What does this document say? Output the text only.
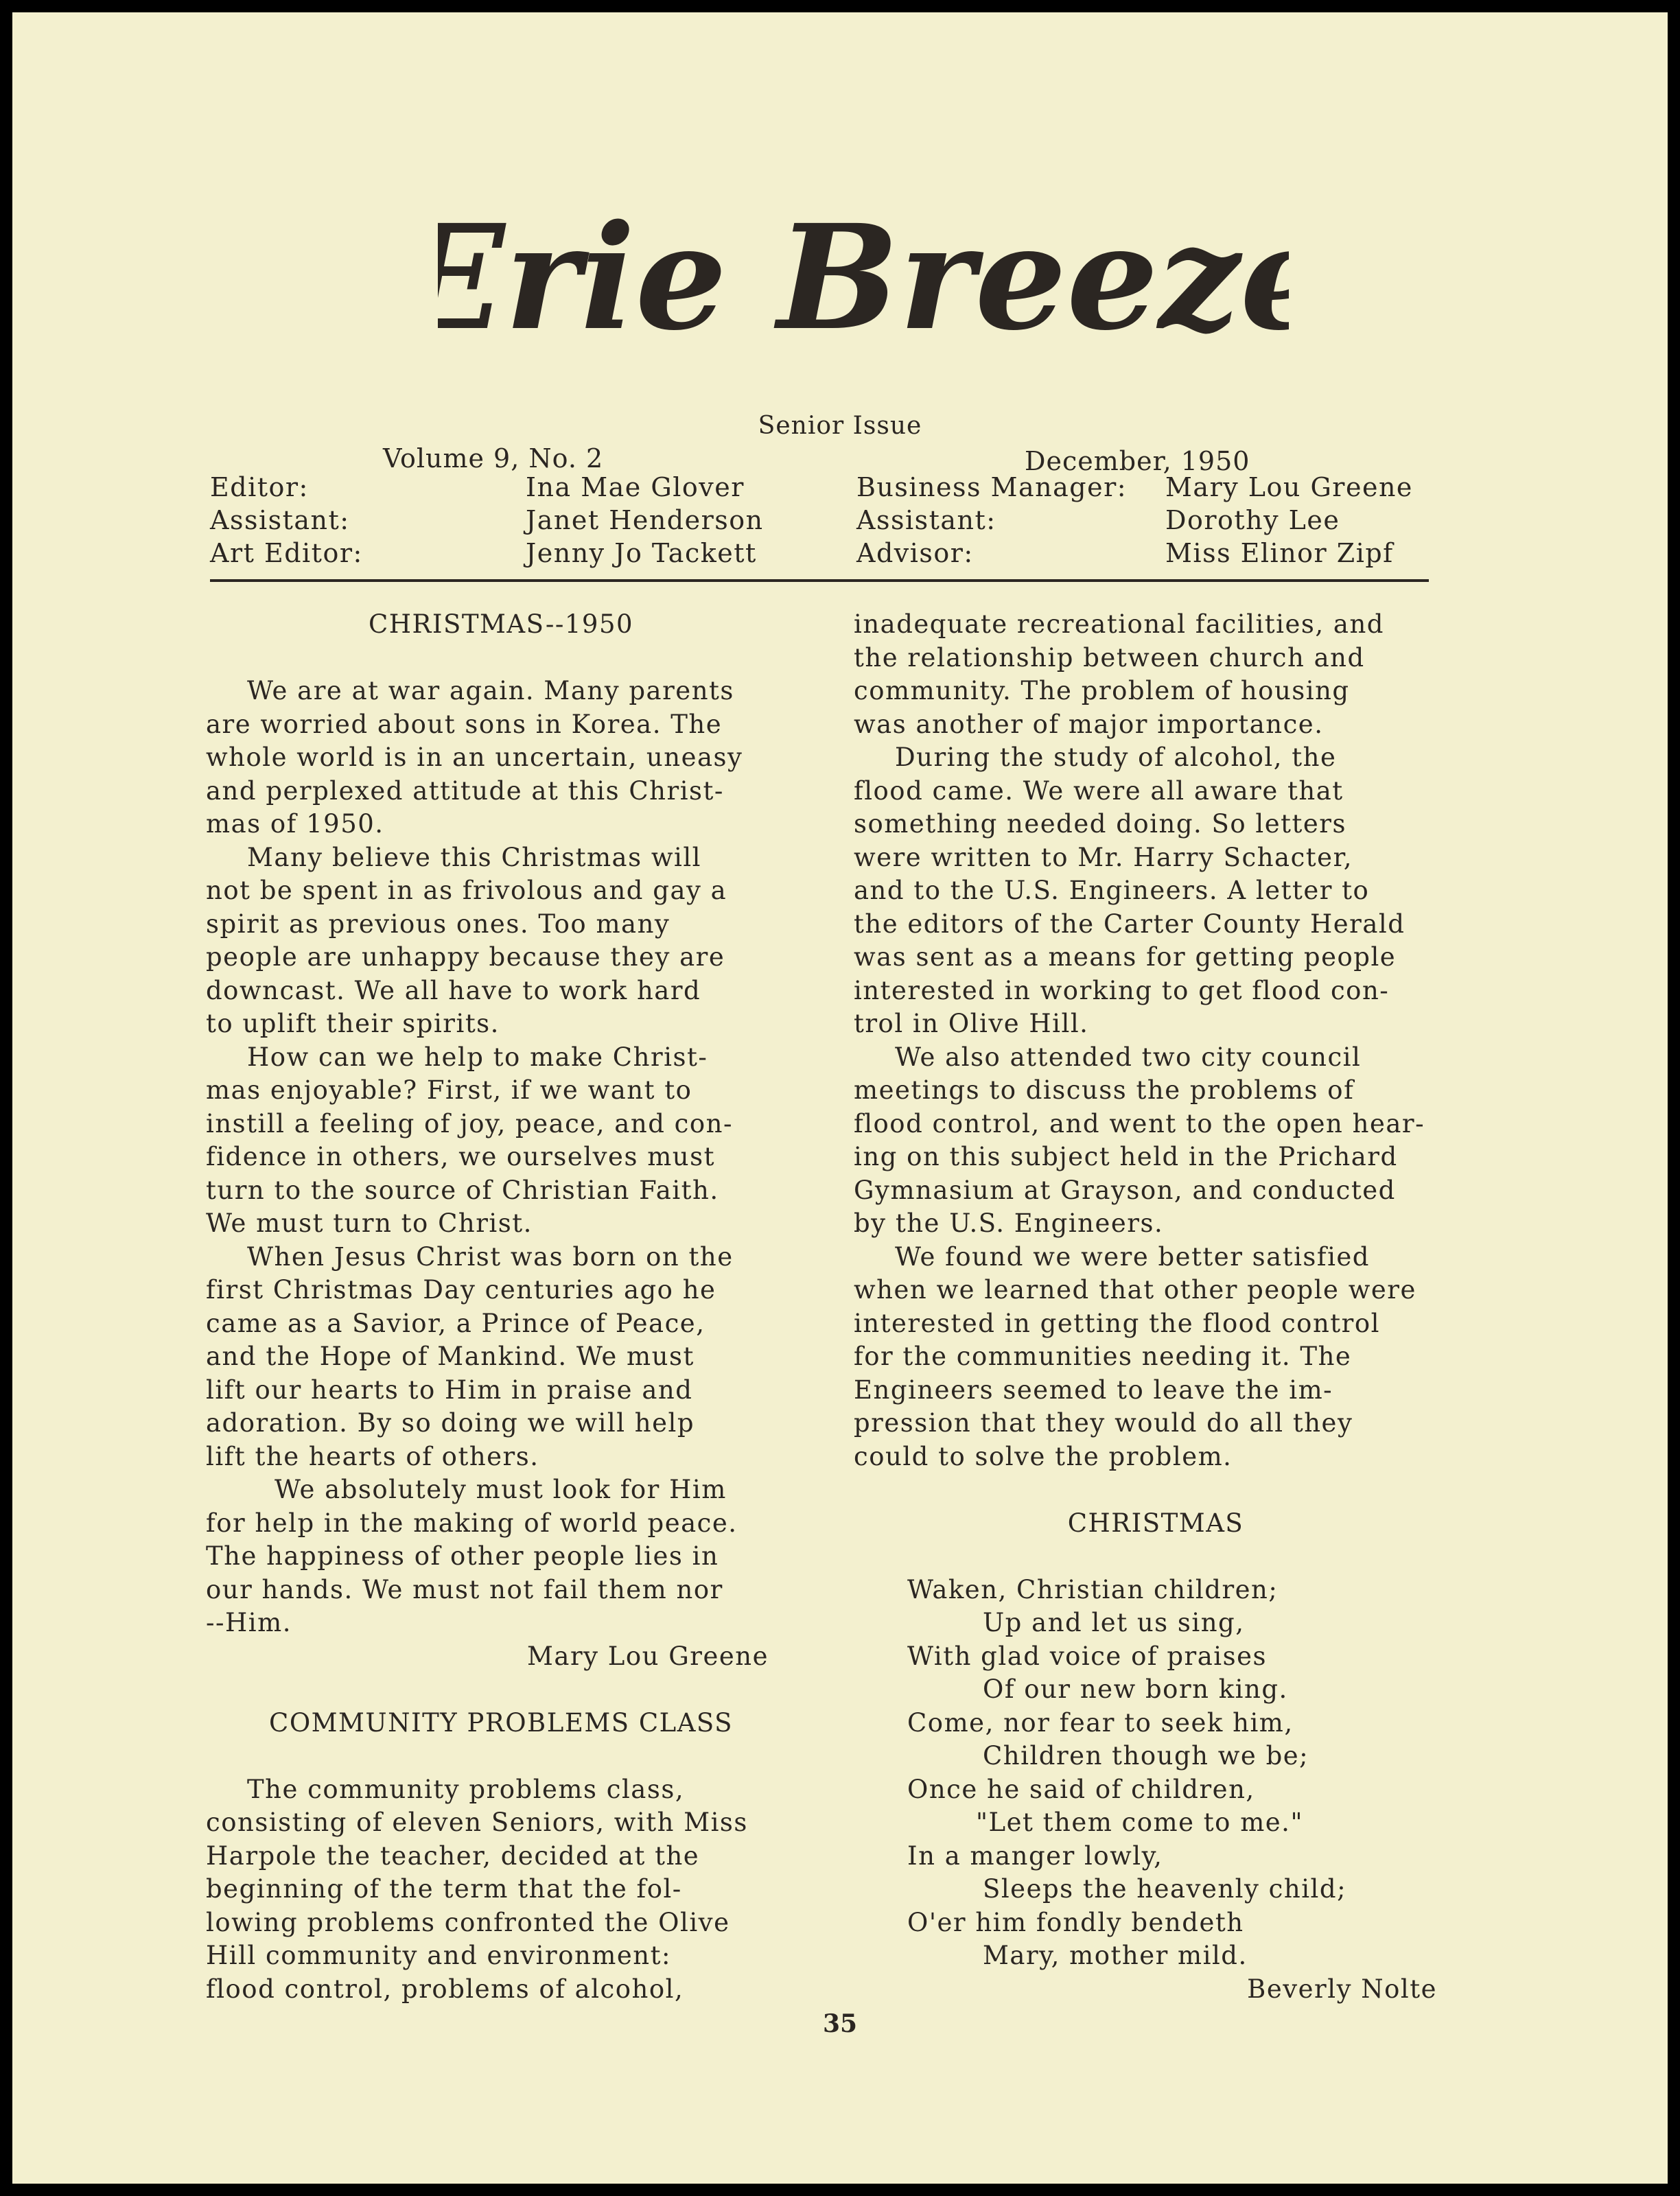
Erie Breeze
Senior Issue
Volume 9, No. 2	December, 1950
Editor:
Assistant:
Art Editor:
Ina Mae Glover
Janet Henderson
Jenny Jo Tackett
Business Manager:
Assistant:
Advisor:
Mary Lou Greene
Dorothy Lee
Miss Elinor Zipf

CHRISTMAS--1950

We are at war again. Many parents

are worried about sons in Korea. The

whole world is in an uncertain, uneasy

and perplexed attitude at this Christ-

mas of 1950.

Many believe this Christmas will

not be spent in as frivolous and gay a

spirit as previous ones. Too many

people are unhappy because they are

downcast. We all have to work hard

to uplift their spirits.

How can we help to make Christ-

mas enjoyable? First, if we want to

instill a feeling of joy, peace, and con-

fidence in others, we ourselves must

turn to the source of Christian Faith.

We must turn to Christ.

When Jesus Christ was born on the

first Christmas Day centuries ago he

came as a Savior, a Prince of Peace,

and the Hope of Mankind. We must

lift our hearts to Him in praise and

adoration. By so doing we will help

lift the hearts of others.

We absolutely must look for Him

for help in the making of world peace.

The happiness of other people lies in

our hands. We must not fail them nor

--Him.

Mary Lou Greene

COMMUNITY PROBLEMS CLASS

The community problems class,

consisting of eleven Seniors, with Miss

Harpole the teacher, decided at the

beginning of the term that the fol-

lowing problems confronted the Olive

Hill community and environment:

flood control, problems of alcohol,

inadequate recreational facilities, and

the relationship between church and

community. The problem of housing

was another of major importance.

During the study of alcohol, the

flood came. We were all aware that

something needed doing. So letters

were written to Mr. Harry Schacter,

and to the U.S. Engineers. A letter to

the editors of the Carter County Herald

was sent as a means for getting people

interested in working to get flood con-

trol in Olive Hill.

We also attended two city council

meetings to discuss the problems of

flood control, and went to the open hear-

ing on this subject held in the Prichard

Gymnasium at Grayson, and conducted

by the U.S. Engineers.

We found we were better satisfied

when we learned that other people were

interested in getting the flood control

for the communities needing it. The

Engineers seemed to leave the im-

pression that they would do all they

could to solve the problem.

CHRISTMAS

Waken, Christian children;

Up and let us sing,

With glad voice of praises

Of our new born king.

Come, nor fear to seek him,

Children though we be;

Once he said of children,

"Let them come to me."

In a manger lowly,

Sleeps the heavenly child;

O'er him fondly bendeth

Mary, mother mild.

Beverly Nolte

35
